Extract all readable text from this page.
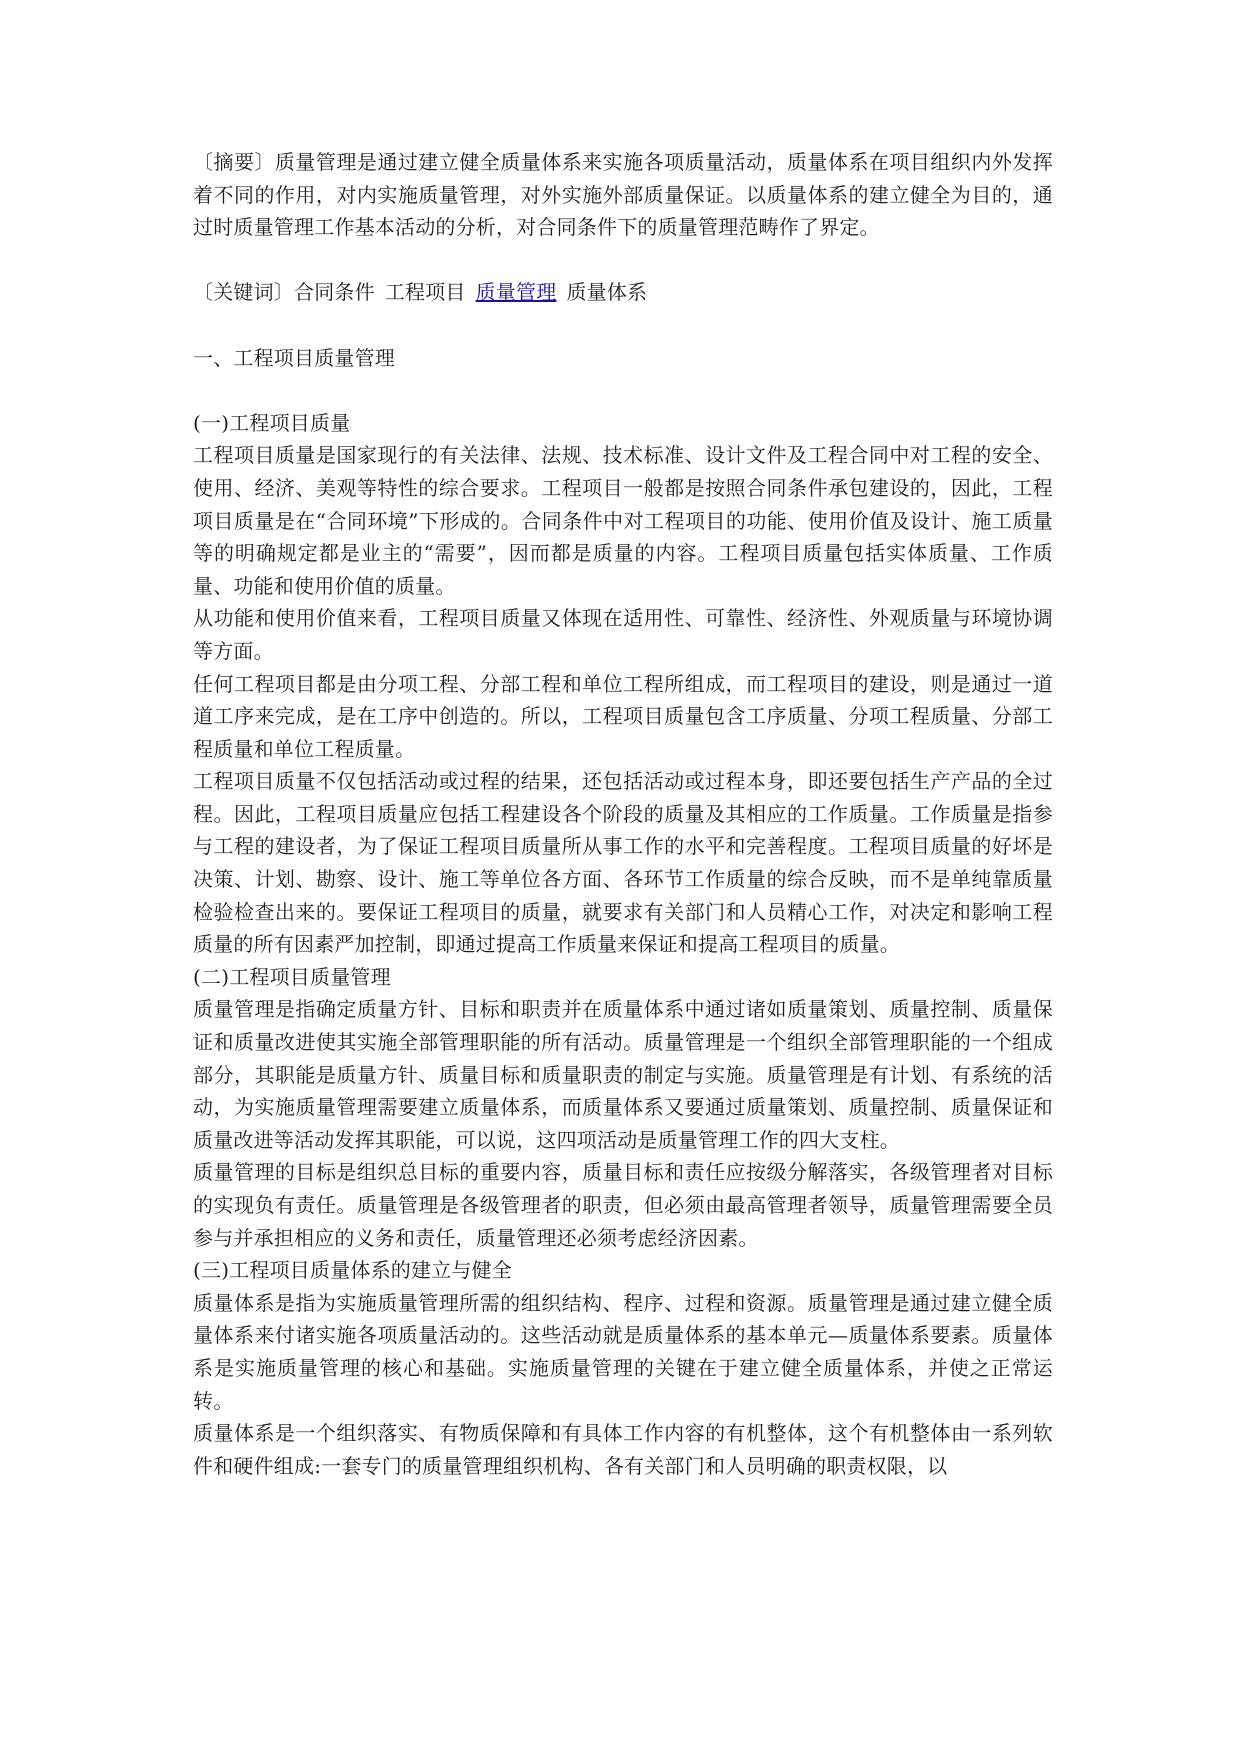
〔摘要〕质量管理是通过建立健全质量体系来实施各项质量活动，质量体系在项目组织内外发挥着不同的作用，对内实施质量管理，对外实施外部质量保证。以质量体系的建立健全为目的，通过时质量管理工作基本活动的分析，对合同条件下的质量管理范畴作了界定。

〔关键词〕合同条件 工程项目 质量管理 质量体系

一、工程项目质量管理

(一)工程项目质量

工程项目质量是国家现行的有关法律、法规、技术标准、设计文件及工程合同中对工程的安全、使用、经济、美观等特性的综合要求。工程项目一般都是按照合同条件承包建设的，因此，工程项目质量是在“合同环境”下形成的。合同条件中对工程项目的功能、使用价值及设计、施工质量等的明确规定都是业主的“需要”，因而都是质量的内容。工程项目质量包括实体质量、工作质量、功能和使用价值的质量。

从功能和使用价值来看，工程项目质量又体现在适用性、可靠性、经济性、外观质量与环境协调等方面。

任何工程项目都是由分项工程、分部工程和单位工程所组成，而工程项目的建设，则是通过一道道工序来完成，是在工序中创造的。所以，工程项目质量包含工序质量、分项工程质量、分部工程质量和单位工程质量。

工程项目质量不仅包括活动或过程的结果，还包括活动或过程本身，即还要包括生产产品的全过程。因此，工程项目质量应包括工程建设各个阶段的质量及其相应的工作质量。工作质量是指参与工程的建设者，为了保证工程项目质量所从事工作的水平和完善程度。工程项目质量的好坏是决策、计划、勘察、设计、施工等单位各方面、各环节工作质量的综合反映，而不是单纯靠质量检验检查出来的。要保证工程项目的质量，就要求有关部门和人员精心工作，对决定和影响工程质量的所有因素严加控制，即通过提高工作质量来保证和提高工程项目的质量。

(二)工程项目质量管理

质量管理是指确定质量方针、目标和职责并在质量体系中通过诸如质量策划、质量控制、质量保证和质量改进使其实施全部管理职能的所有活动。质量管理是一个组织全部管理职能的一个组成部分，其职能是质量方针、质量目标和质量职责的制定与实施。质量管理是有计划、有系统的活动，为实施质量管理需要建立质量体系，而质量体系又要通过质量策划、质量控制、质量保证和质量改进等活动发挥其职能，可以说，这四项活动是质量管理工作的四大支柱。

质量管理的目标是组织总目标的重要内容，质量目标和责任应按级分解落实，各级管理者对目标的实现负有责任。质量管理是各级管理者的职责，但必须由最高管理者领导，质量管理需要全员参与并承担相应的义务和责任，质量管理还必须考虑经济因素。

(三)工程项目质量体系的建立与健全

质量体系是指为实施质量管理所需的组织结构、程序、过程和资源。质量管理是通过建立健全质量体系来付诸实施各项质量活动的。这些活动就是质量体系的基本单元—质量体系要素。质量体系是实施质量管理的核心和基础。实施质量管理的关键在于建立健全质量体系，并使之正常运转。

质量体系是一个组织落实、有物质保障和有具体工作内容的有机整体，这个有机整体由一系列软件和硬件组成:一套专门的质量管理组织机构、各有关部门和人员明确的职责权限，以
